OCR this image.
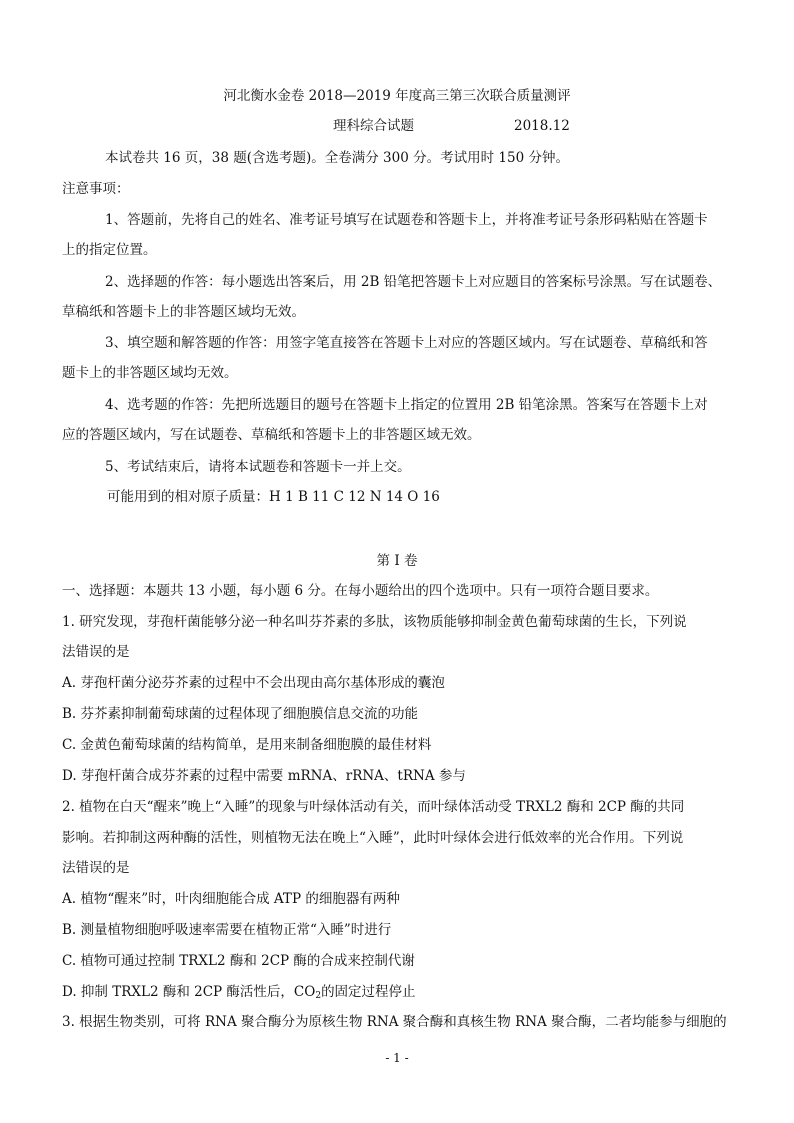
河北衡水金卷 2018—2019 年度高三第三次联合质量测评
理科综合试题	2018.12
本试卷共 16 页，38 题(含选考题)。全卷满分 300 分。考试用时 150 分钟。
注意事项：
1、答题前，先将自己的姓名、准考证号填写在试题卷和答题卡上，并将准考证号条形码粘贴在答题卡
上的指定位置。
2、选择题的作答：每小题选出答案后，用 2B 铅笔把答题卡上对应题目的答案标号涂黑。写在试题卷、
草稿纸和答题卡上的非答题区域均无效。
3、填空题和解答题的作答：用签字笔直接答在答题卡上对应的答题区域内。写在试题卷、草稿纸和答
题卡上的非答题区域均无效。
4、选考题的作答：先把所选题目的题号在答题卡上指定的位置用 2B 铅笔涂黑。答案写在答题卡上对
应的答题区域内，写在试题卷、草稿纸和答题卡上的非答题区域无效。
5、考试结束后，请将本试题卷和答题卡一并上交。
可能用到的相对原子质量：H 1 B 11 C 12 N 14 O 16
第 I 卷
一、选择题：本题共 13 小题，每小题 6 分。在每小题给出的四个选项中。只有一项符合题目要求。
1. 研究发现，芽孢杆菌能够分泌一种名叫芬芥素的多肽，该物质能够抑制金黄色葡萄球菌的生长，下列说
法错误的是
A. 芽孢杆菌分泌芬芥素的过程中不会出现由高尔基体形成的囊泡
B. 芬芥素抑制葡萄球菌的过程体现了细胞膜信息交流的功能
C. 金黄色葡萄球菌的结构简单，是用来制备细胞膜的最佳材料
D. 芽孢杆菌合成芬芥素的过程中需要 mRNA、rRNA、tRNA 参与
2. 植物在白天“醒来”晚上“入睡”的现象与叶绿体活动有关，而叶绿体活动受 TRXL2 酶和 2CP 酶的共同
影响。若抑制这两种酶的活性，则植物无法在晚上“入睡”，此时叶绿体会进行低效率的光合作用。下列说
法错误的是
A. 植物“醒来”时，叶肉细胞能合成 ATP 的细胞器有两种
B. 测量植物细胞呼吸速率需要在植物正常“入睡”时进行
C. 植物可通过控制 TRXL2 酶和 2CP 酶的合成来控制代谢
D. 抑制 TRXL2 酶和 2CP 酶活性后，$CO_2$的固定过程停止
3. 根据生物类别，可将 RNA 聚合酶分为原核生物 RNA 聚合酶和真核生物 RNA 聚合酶，二者均能参与细胞的
- 1 -
